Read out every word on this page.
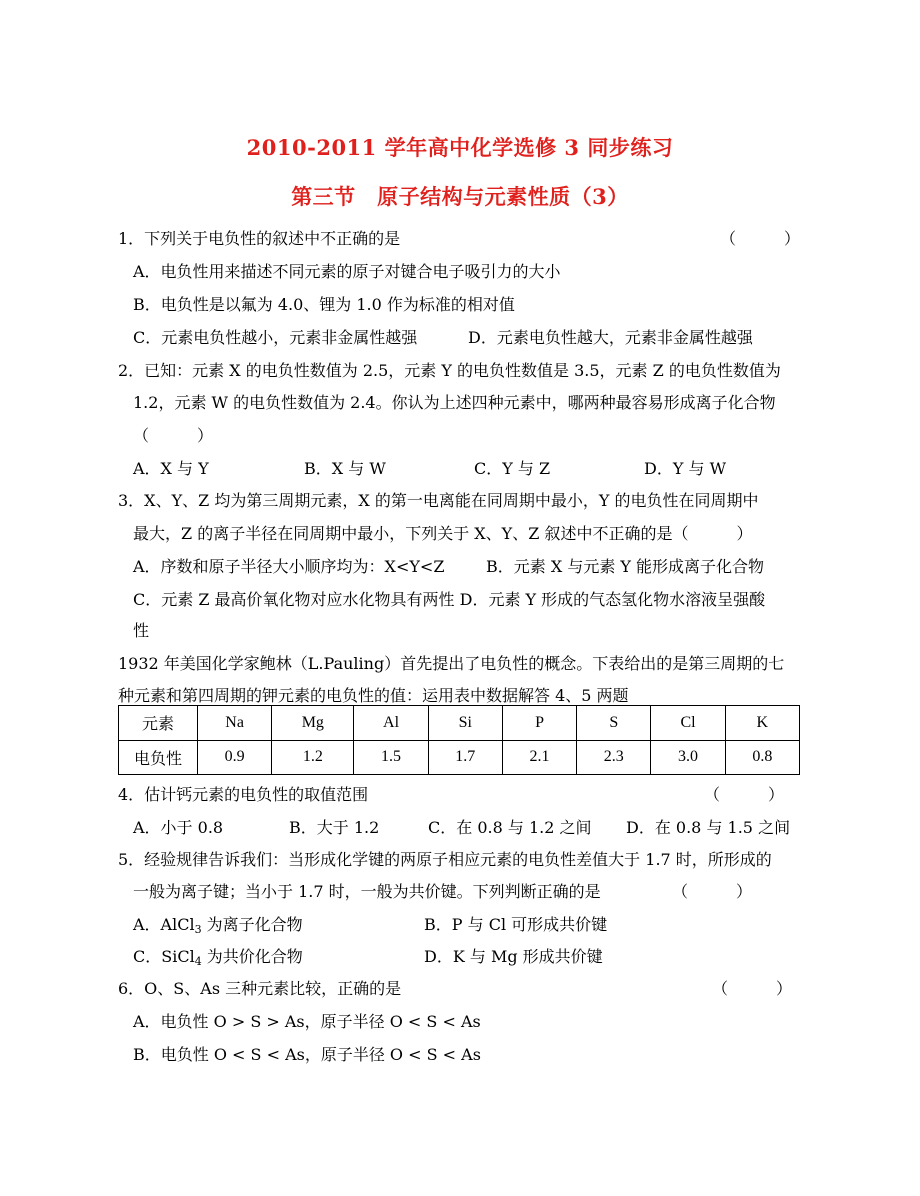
2010-2011 学年高中化学选修 3 同步练习
第三节　原子结构与元素性质（3）
1．下列关于电负性的叙述中不正确的是	（　　　）
A．电负性用来描述不同元素的原子对键合电子吸引力的大小
B．电负性是以氟为 4.0、锂为 1.0 作为标准的相对值
C．元素电负性越小，元素非金属性越强	D．元素电负性越大，元素非金属性越强
2．已知：元素 X 的电负性数值为 2.5，元素 Y 的电负性数值是 3.5，元素 Z 的电负性数值为
1.2，元素 W 的电负性数值为 2.4。你认为上述四种元素中，哪两种最容易形成离子化合物
（　　　）
A．X 与 Y	B．X 与 W	C．Y 与 Z	D．Y 与 W
3．X、Y、Z 均为第三周期元素，X 的第一电离能在同周期中最小，Y 的电负性在同周期中
最大，Z 的离子半径在同周期中最小，下列关于 X、Y、Z 叙述中不正确的是（　　　）
A．序数和原子半径大小顺序均为：X<Y<Z	B．元素 X 与元素 Y 能形成离子化合物
C．元素 Z 最高价氧化物对应水化物具有两性 D．元素 Y 形成的气态氢化物水溶液呈强酸
性
1932 年美国化学家鲍林（L.Pauling）首先提出了电负性的概念。下表给出的是第三周期的七
种元素和第四周期的钾元素的电负性的值：运用表中数据解答 4、5 两题
元素	Na	Mg	Al	Si	P	S	Cl	K
电负性	0.9	1.2	1.5	1.7	2.1	2.3	3.0	0.8
4．估计钙元素的电负性的取值范围	（　　　）
A．小于 0.8	B．大于 1.2	C．在 0.8 与 1.2 之间 D．在 0.8 与 1.5 之间
5．经验规律告诉我们：当形成化学键的两原子相应元素的电负性差值大于 1.7 时，所形成的
一般为离子键；当小于 1.7 时，一般为共价键。下列判断正确的是	（　　　）
A．AlCl$_3$ 为离子化合物	B．P 与 Cl 可形成共价键
C．SiCl$_4$ 为共价化合物	D．K 与 Mg 形成共价键
6．O、S、As 三种元素比较，正确的是	（　　　）
A．电负性 O > S > As，原子半径 O < S < As
B．电负性 O < S < As，原子半径 O < S < As
